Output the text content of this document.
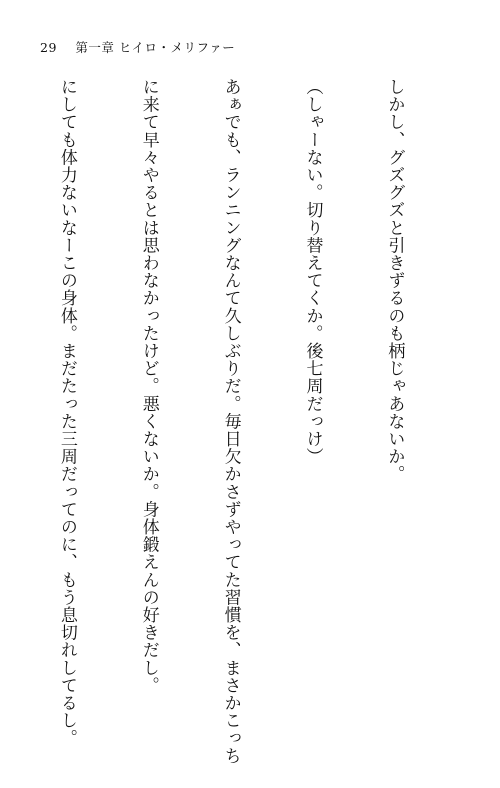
29 第一章 ヒイロ・メリファー

しかし、グズグズと引きずるのも柄じゃあないか。

（しゃーない。切り替えてくか。後七周だっけ）

あぁでも、ランニングなんて久しぶりだ。毎日欠かさずやってた習慣を、まさかこっち

に来て早々やるとは思わなかったけど。悪くないか。身体鍛えんの好きだし。

にしても体力ないなーこの身体。まだたった三周だってのに、もう息切れしてるし。
